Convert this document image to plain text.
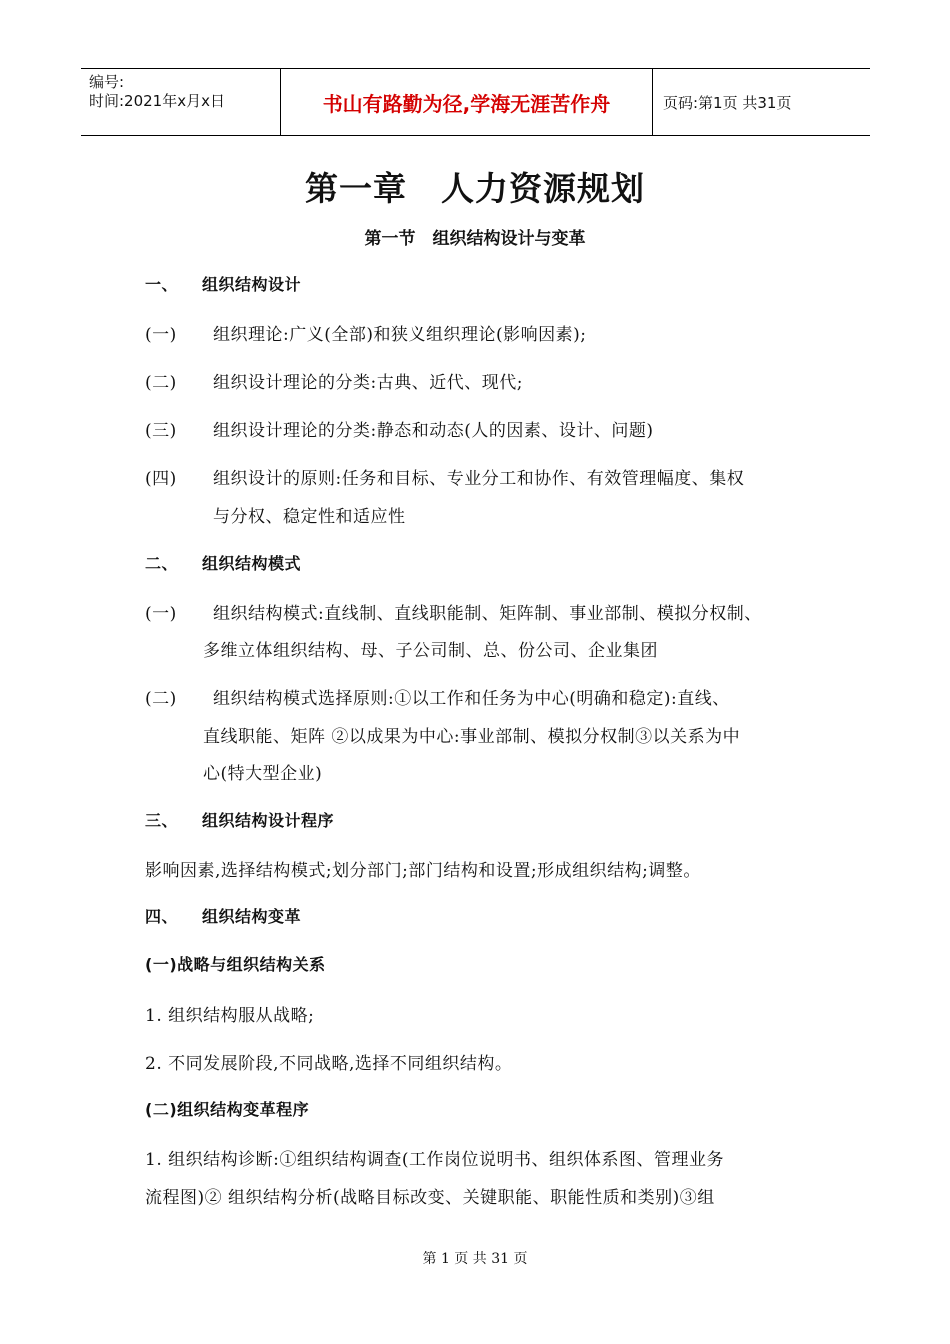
编号:
时间:2021年x月x日	书山有路勤为径,学海无涯苦作舟	页码:第1页 共31页
第一章　人力资源规划
第一节　组织结构设计与变革
一、 组织结构设计
(一) 组织理论:广义(全部)和狭义组织理论(影响因素);
(二) 组织设计理论的分类:古典、近代、现代;
(三) 组织设计理论的分类:静态和动态(人的因素、设计、问题)
(四) 组织设计的原则:任务和目标、专业分工和协作、有效管理幅度、集权
与分权、稳定性和适应性
二、 组织结构模式
(一) 组织结构模式:直线制、直线职能制、矩阵制、事业部制、模拟分权制、
多维立体组织结构、母、子公司制、总、份公司、企业集团
(二) 组织结构模式选择原则:①以工作和任务为中心(明确和稳定):直线、
直线职能、矩阵 ②以成果为中心:事业部制、模拟分权制③以关系为中
心(特大型企业)
三、 组织结构设计程序
影响因素,选择结构模式;划分部门;部门结构和设置;形成组织结构;调整。
四、 组织结构变革
(一)战略与组织结构关系
1. 组织结构服从战略;
2. 不同发展阶段,不同战略,选择不同组织结构。
(二)组织结构变革程序
1. 组织结构诊断:①组织结构调查(工作岗位说明书、组织体系图、管理业务
流程图)② 组织结构分析(战略目标改变、关键职能、职能性质和类别)③组
第 1 页 共 31 页
